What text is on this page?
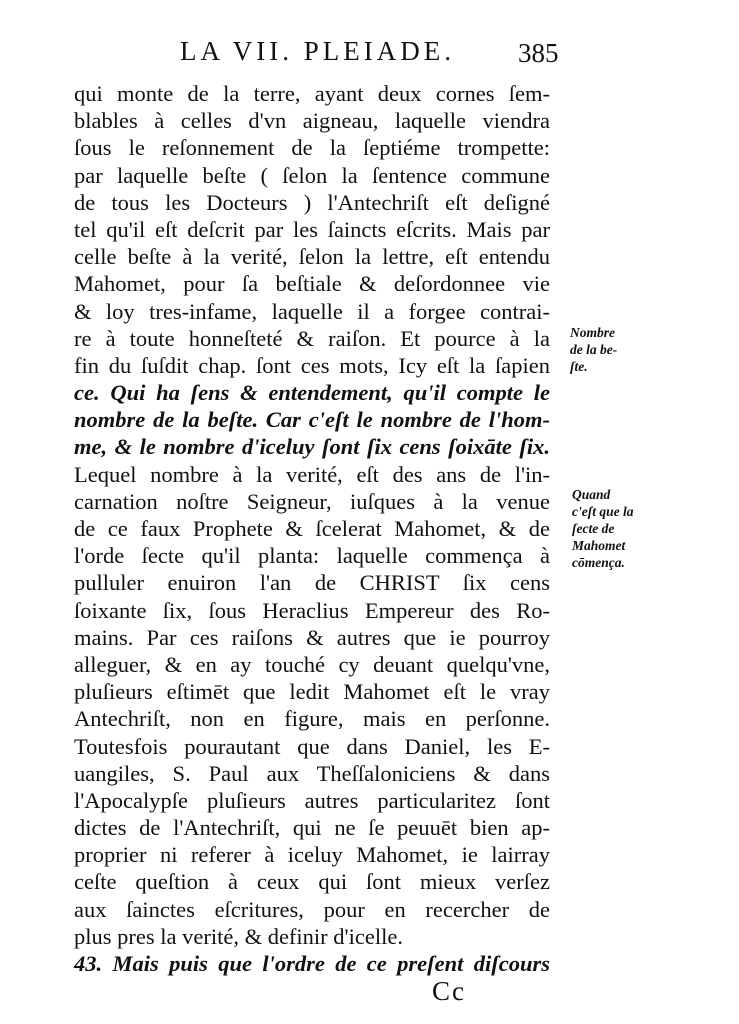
LA VII. PLEIADE. 385
qui monte de la terre, ayant deux cornes ſem-
blables à celles d'vn aigneau, laquelle viendra
ſous le reſonnement de la ſeptiéme trompette:
par laquelle beſte ( ſelon la ſentence commune
de tous les Docteurs ) l'Antechriſt eſt deſigné
tel qu'il eſt deſcrit par les ſaincts eſcrits. Mais par
celle beſte à la verité, ſelon la lettre, eſt entendu
Mahomet, pour ſa beſtiale & deſordonnee vie
& loy tres-infame, laquelle il a forgee contrai-
re à toute honneſteté & raiſon. Et pource à la
fin du ſuſdit chap. ſont ces mots, Icy eſt la ſapien
ce. Qui ha ſens & entendement, qu'il compte le
nombre de la beſte. Car c'eſt le nombre de l'hom-
me, & le nombre d'iceluy ſont ſix cens ſoixāte ſix.
Lequel nombre à la verité, eſt des ans de l'in-
carnation noſtre Seigneur, iuſques à la venue
de ce faux Prophete & ſcelerat Mahomet, & de
l'orde ſecte qu'il planta: laquelle commença à
pulluler enuiron l'an de CHRIST ſix cens
ſoixante ſix, ſous Heraclius Empereur des Ro-
mains. Par ces raiſons & autres que ie pourroy
alleguer, & en ay touché cy deuant quelqu'vne,
pluſieurs eſtimēt que ledit Mahomet eſt le vray
Antechriſt, non en figure, mais en perſonne.
Toutesfois pourautant que dans Daniel, les E-
uangiles, S. Paul aux Theſſaloniciens & dans
l'Apocalypſe pluſieurs autres particularitez ſont
dictes de l'Antechriſt, qui ne ſe peuuēt bien ap-
proprier ni referer à iceluy Mahomet, ie lairray
ceſte queſtion à ceux qui ſont mieux verſez
aux ſainctes eſcritures, pour en recercher de
plus pres la verité, & definir d'icelle.
43. Mais puis que l'ordre de ce preſent diſcours
Nombre
de la be-
ſte.
Quand
c'eſt que la
ſecte de
Mahomet
cōmença.
Cc
